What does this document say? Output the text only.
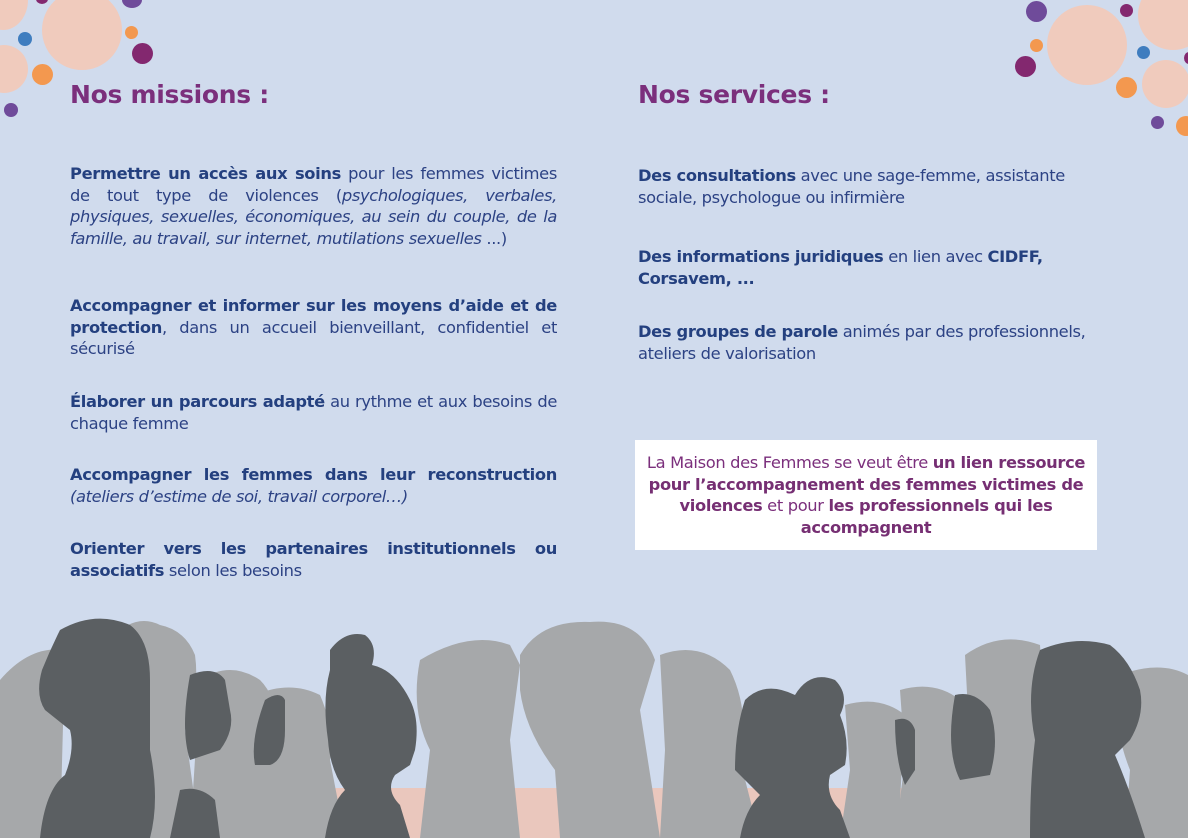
Nos missions :

Permettre un accès aux soins pour les femmes victimes de tout type de violences (psychologiques, verbales, physiques, sexuelles, économiques, au sein du couple, de la famille, au travail, sur internet, mutilations sexuelles ...)

Accompagner et informer sur les moyens d’aide et de protection, dans un accueil bienveillant, confidentiel et sécurisé

Élaborer un parcours adapté au rythme et aux besoins de chaque femme

Accompagner les femmes dans leur reconstruction

(ateliers d’estime de soi, travail corporel…)

Orienter vers les partenaires institutionnels ou associatifs selon les besoins

Nos services :

Des consultations avec une sage-femme, assistante sociale, psychologue ou infirmière

Des informations juridiques en lien avec CIDFF, Corsavem, ...

Des groupes de parole animés par des professionnels, ateliers de valorisation

La Maison des Femmes se veut être un lien ressource pour l’accompagnement des femmes victimes de violences et pour les professionnels qui les accompagnent
